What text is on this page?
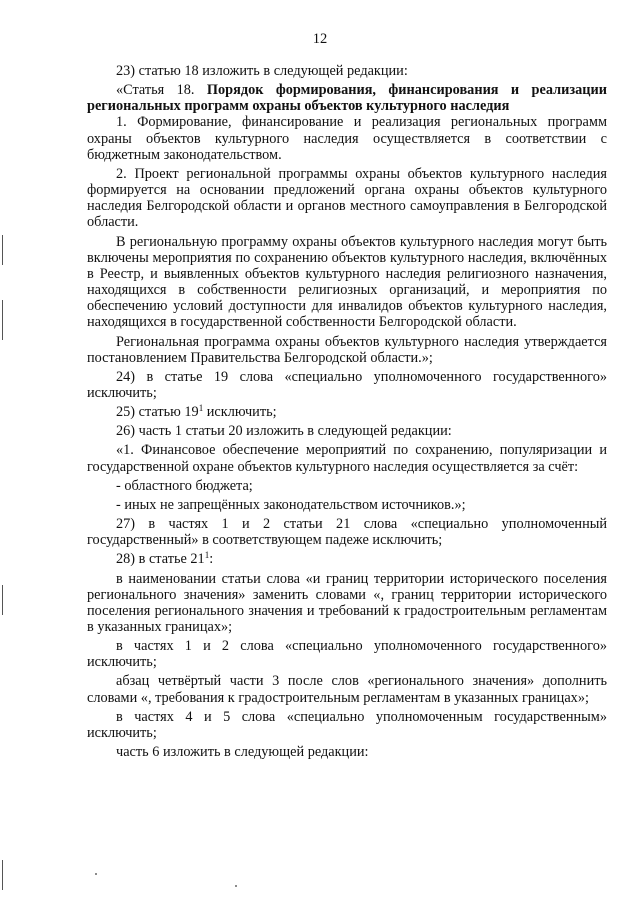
12

23) статью 18 изложить в следующей редакции:

«Статья 18. Порядок формирования, финансирования и реализации региональных программ охраны объектов культурного наследия

1. Формирование, финансирование и реализация региональных программ охраны объектов культурного наследия осуществляется в соответствии с бюджетным законодательством.

2. Проект региональной программы охраны объектов культурного наследия формируется на основании предложений органа охраны объектов культурного наследия Белгородской области и органов местного самоуправления в Белгородской области.

В региональную программу охраны объектов культурного наследия могут быть включены мероприятия по сохранению объектов культурного наследия, включённых в Реестр, и выявленных объектов культурного наследия религиозного назначения, находящихся в собственности религиозных организаций, и мероприятия по обеспечению условий доступности для инвалидов объектов культурного наследия, находящихся в государственной собственности Белгородской области.

Региональная программа охраны объектов культурного наследия утверждается постановлением Правительства Белгородской области.»;

24) в статье 19 слова «специально уполномоченного государственного» исключить;

25) статью $19^1$ исключить;

26) часть 1 статьи 20 изложить в следующей редакции:

«1. Финансовое обеспечение мероприятий по сохранению, популяризации и государственной охране объектов культурного наследия осуществляется за счёт:

- областного бюджета;

- иных не запрещённых законодательством источников.»;

27) в частях 1 и 2 статьи 21 слова «специально уполномоченный государственный» в соответствующем падеже исключить;

28) в статье $21^1$:

в наименовании статьи слова «и границ территории исторического поселения регионального значения» заменить словами «, границ территории исторического поселения регионального значения и требований к градостроительным регламентам в указанных границах»;

в частях 1 и 2 слова «специально уполномоченного государственного» исключить;

абзац четвёртый части 3 после слов «регионального значения» дополнить словами «, требования к градостроительным регламентам в указанных границах»;

в частях 4 и 5 слова «специально уполномоченным государственным» исключить;

часть 6 изложить в следующей редакции:
